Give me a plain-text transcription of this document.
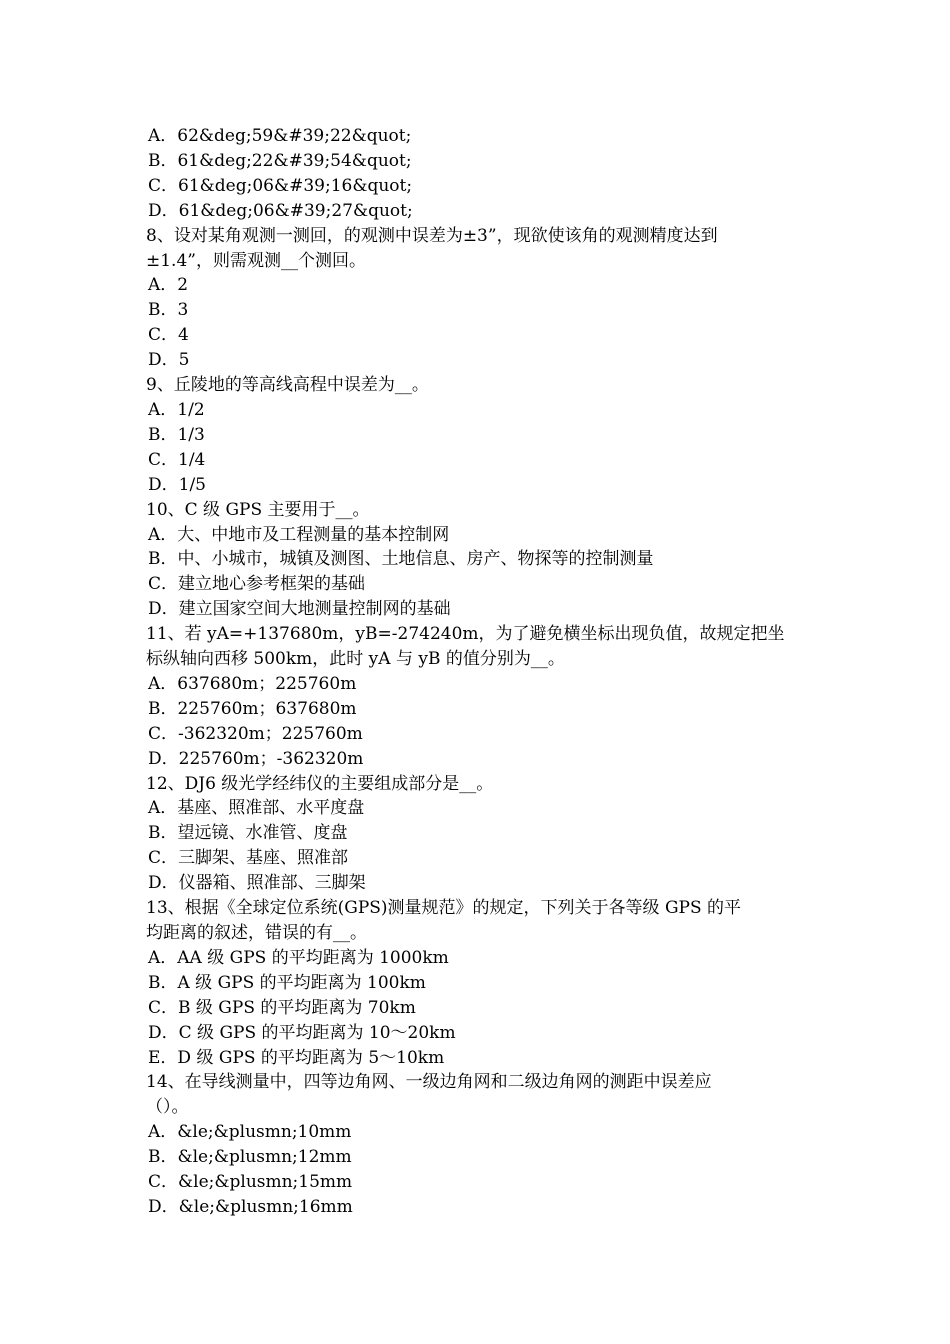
A．62&deg;59&#39;22&quot;
B．61&deg;22&#39;54&quot;
C．61&deg;06&#39;16&quot;
D．61&deg;06&#39;27&quot;
8、设对某角观测一测回，的观测中误差为±3”，现欲使该角的观测精度达到
±1.4”，则需观测__个测回。
A．2
B．3
C．4
D．5
9、丘陵地的等高线高程中误差为__。
A．1/2
B．1/3
C．1/4
D．1/5
10、C 级 GPS 主要用于__。
A．大、中地市及工程测量的基本控制网
B．中、小城市，城镇及测图、土地信息、房产、物探等的控制测量
C．建立地心参考框架的基础
D．建立国家空间大地测量控制网的基础
11、若 yA=+137680m，yB=-274240m，为了避免横坐标出现负值，故规定把坐
标纵轴向西移 500km，此时 yA 与 yB 的值分别为__。
A．637680m；225760m
B．225760m；637680m
C．-362320m；225760m
D．225760m；-362320m
12、DJ6 级光学经纬仪的主要组成部分是__。
A．基座、照准部、水平度盘
B．望远镜、水准管、度盘
C．三脚架、基座、照准部
D．仪器箱、照准部、三脚架
13、根据《全球定位系统(GPS)测量规范》的规定，下列关于各等级 GPS 的平
均距离的叙述，错误的有__。
A．AA 级 GPS 的平均距离为 1000km
B．A 级 GPS 的平均距离为 100km
C．B 级 GPS 的平均距离为 70km
D．C 级 GPS 的平均距离为 10～20km
E．D 级 GPS 的平均距离为 5～10km
14、在导线测量中，四等边角网、一级边角网和二级边角网的测距中误差应
（）。
A．&le;&plusmn;10mm
B．&le;&plusmn;12mm
C．&le;&plusmn;15mm
D．&le;&plusmn;16mm
